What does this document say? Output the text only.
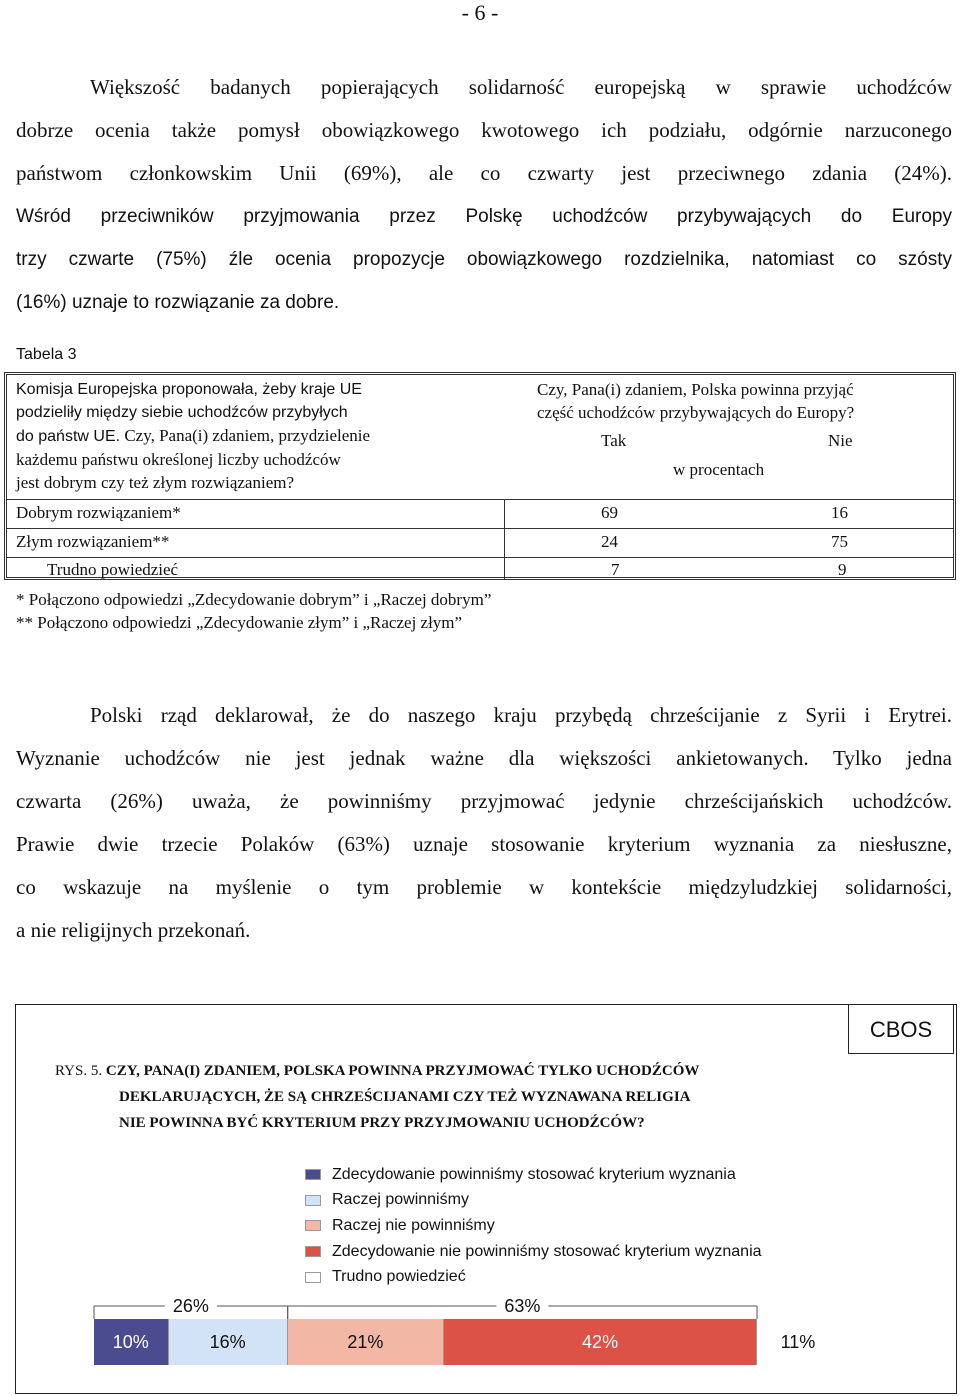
- 6 -
Większość badanych popierających solidarność europejską w sprawie uchodźców
dobrze ocenia także pomysł obowiązkowego kwotowego ich podziału, odgórnie narzuconego
państwom członkowskim Unii (69%), ale co czwarty jest przeciwnego zdania (24%).
Wśród przeciwników przyjmowania przez Polskę uchodźców przybywających do Europy
trzy czwarte (75%) źle ocenia propozycje obowiązkowego rozdzielnika, natomiast co szósty
(16%) uznaje to rozwiązanie za dobre.
Tabela 3
Komisja Europejska proponowała, żeby kraje UE
podzieliły między siebie uchodźców przybyłych
do państw UE. Czy, Pana(i) zdaniem, przydzielenie
każdemu państwu określonej liczby uchodźców
jest dobrym czy też złym rozwiązaniem?
Czy, Pana(i) zdaniem, Polska powinna przyjąć
część uchodźców przybywających do Europy?
Tak	Nie
w procentach
Dobrym rozwiązaniem*	69	16
Złym rozwiązaniem**	24	75
Trudno powiedzieć	7	9
* Połączono odpowiedzi „Zdecydowanie dobrym” i „Raczej dobrym”
** Połączono odpowiedzi „Zdecydowanie złym” i „Raczej złym”
Polski rząd deklarował, że do naszego kraju przybędą chrześcijanie z Syrii i Erytrei.
Wyznanie uchodźców nie jest jednak ważne dla większości ankietowanych. Tylko jedna
czwarta (26%) uważa, że powinniśmy przyjmować jedynie chrześcijańskich uchodźców.
Prawie dwie trzecie Polaków (63%) uznaje stosowanie kryterium wyznania za niesłuszne,
co wskazuje na myślenie o tym problemie w kontekście międzyludzkiej solidarności,
a nie religijnych przekonań.
CBOS
RYS. 5. CZY, PANA(I) ZDANIEM, POLSKA POWINNA PRZYJMOWAĆ TYLKO UCHODŹCÓW
DEKLARUJĄCYCH, ŻE SĄ CHRZEŚCIJANAMI CZY TEŻ WYZNAWANA RELIGIA
NIE POWINNA BYĆ KRYTERIUM PRZY PRZYJMOWANIU UCHODŹCÓW?
Zdecydowanie powinniśmy stosować kryterium wyznania
Raczej powinniśmy
Raczej nie powinniśmy
Zdecydowanie nie powinniśmy stosować kryterium wyznania
Trudno powiedzieć
10%	16%	21%	42%	11%
26%	63%
